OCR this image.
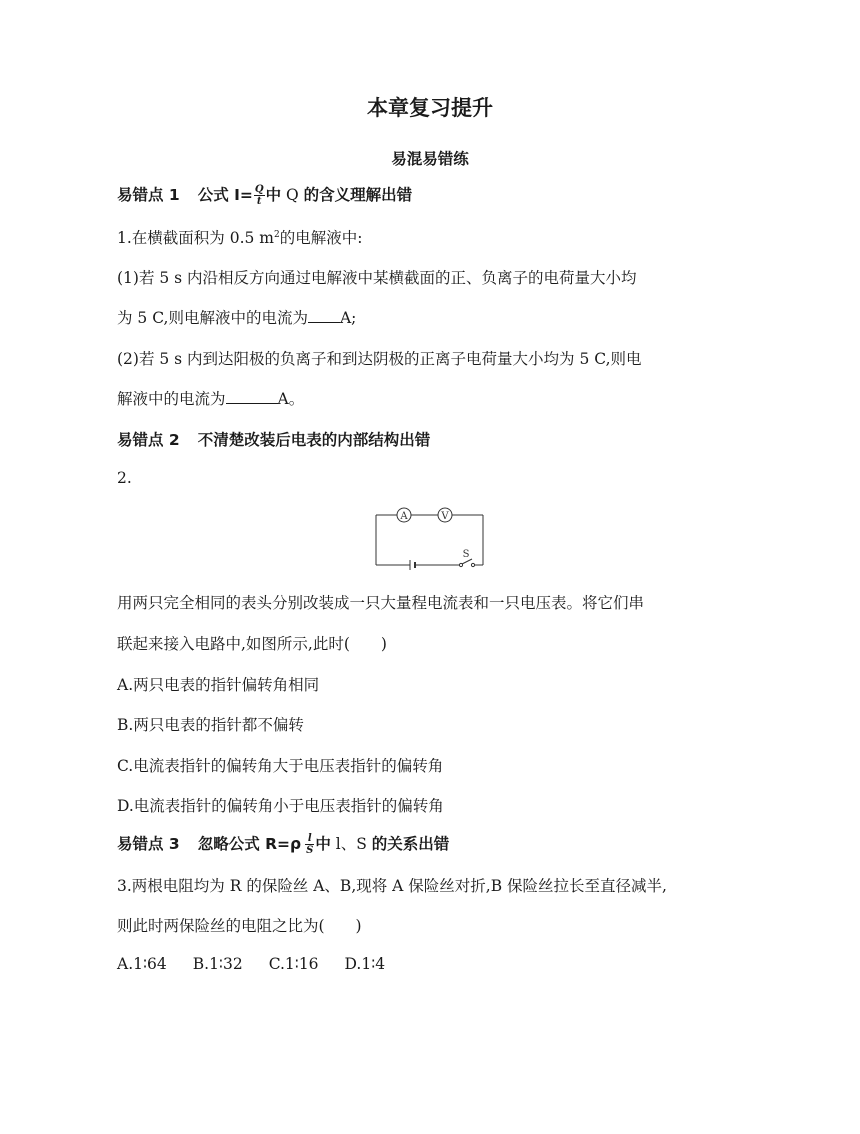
本章复习提升
易混易错练
易错点 1 公式 $I= \frac{Q}{t}$ 中 Q 的含义理解出错
1.在横截面积为 0.5 $m^2$的电解液中:
(1)若 5 s 内沿相反方向通过电解液中某横截面的正、负离子的电荷量大小均
为 5 C,则电解液中的电流为 A;
(2)若 5 s 内到达阳极的负离子和到达阴极的正离子电荷量大小均为 5 C,则电
解液中的电流为	A。
易错点 2 不清楚改装后电表的内部结构出错
2.
A	V
S
用两只完全相同的表头分别改装成一只大量程电流表和一只电压表。将它们串
联起来接入电路中,如图所示,此时(　　)
A.两只电表的指针偏转角相同
B.两只电表的指针都不偏转
C.电流表指针的偏转角大于电压表指针的偏转角
D.电流表指针的偏转角小于电压表指针的偏转角
易错点 3 忽略公式 $R=\rho \frac{l}{S}$ 中 l、S 的关系出错
3.两根电阻均为 R 的保险丝 A、B,现将 A 保险丝对折,B 保险丝拉长至直径减半,
则此时两保险丝的电阻之比为(　　)
A.1∶64 B.1∶32 C.1∶16 D.1∶4
